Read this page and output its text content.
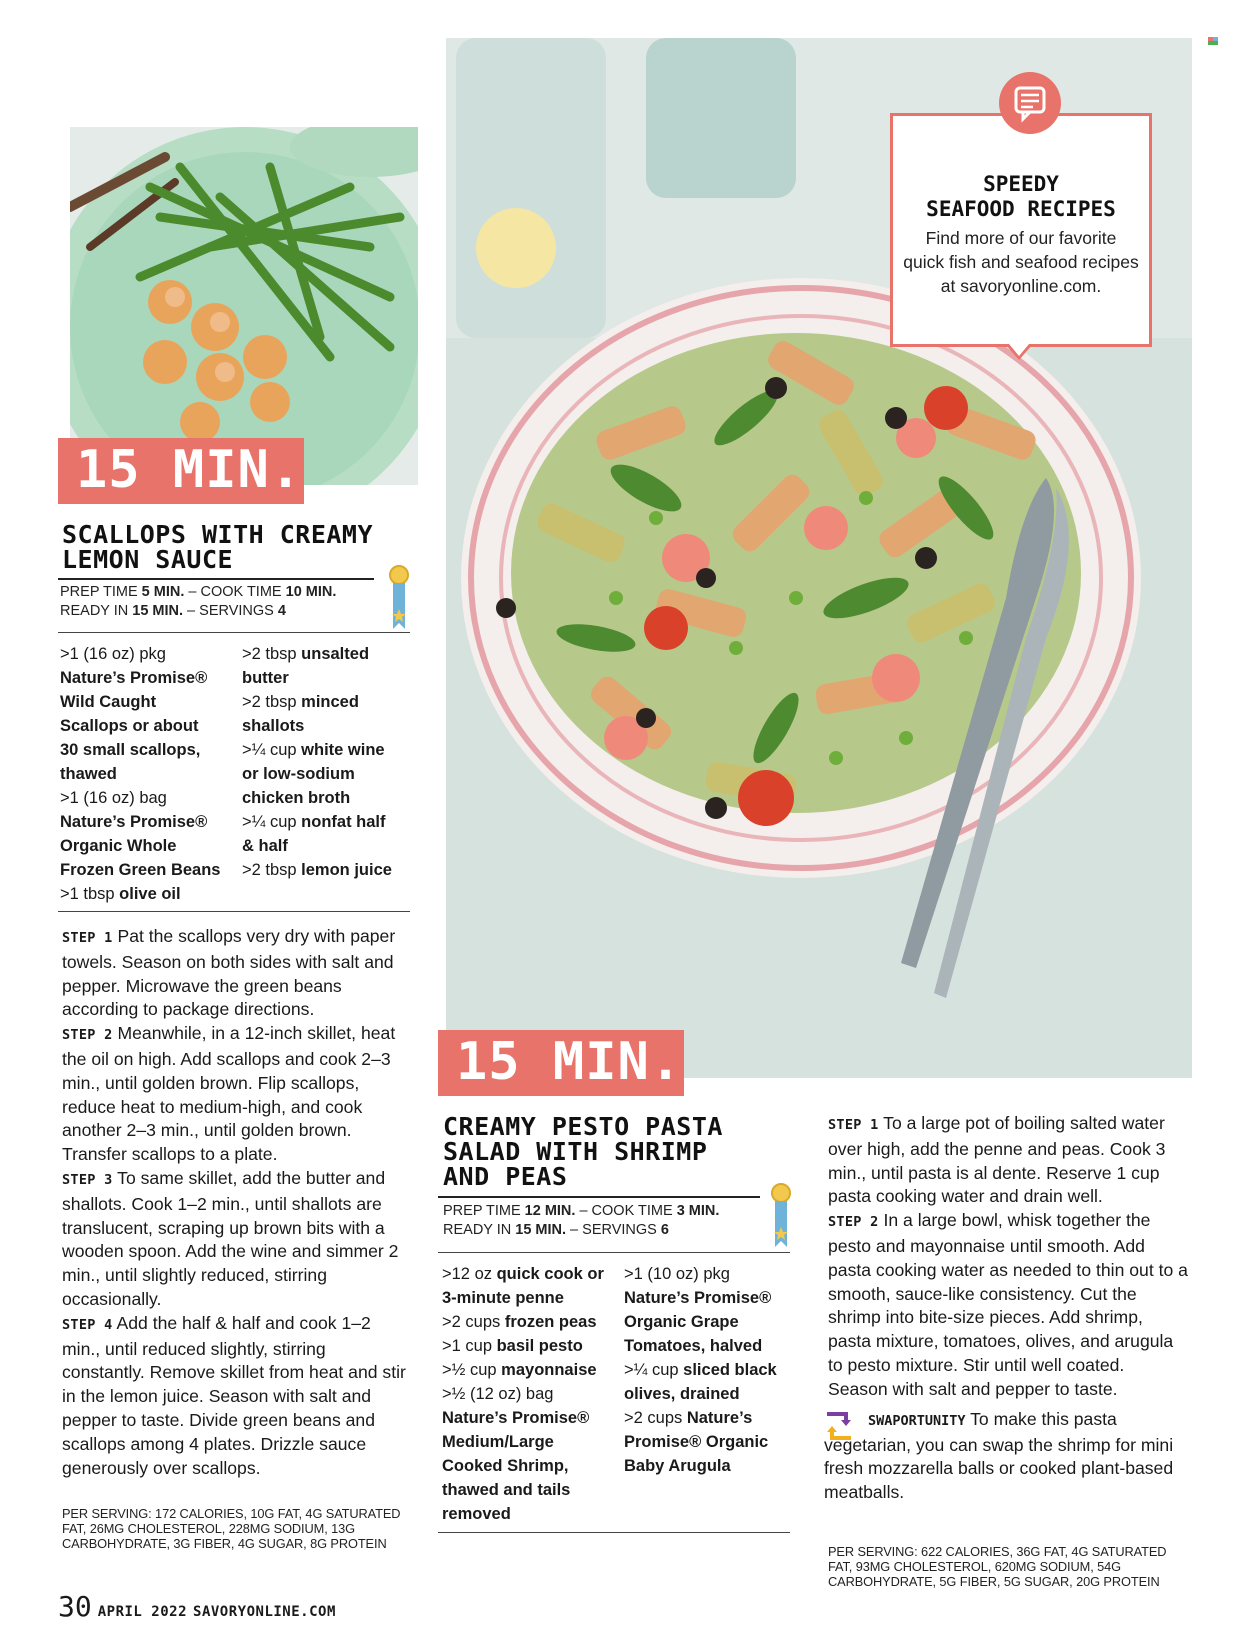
SPEEDY
SEAFOOD RECIPES
Find more of our favorite quick fish and seafood recipes at savoryonline.com.
15 MIN.
SCALLOPS WITH CREAMY
LEMON SAUCE
PREP TIME 5 MIN. – COOK TIME 10 MIN.
READY IN 15 MIN. – SERVINGS 4
>1 (16 oz) pkg
Nature’s Promise®
Wild Caught
Scallops or about
30 small scallops,
thawed
>1 (16 oz) bag
Nature’s Promise®
Organic Whole
Frozen Green Beans
>1 tbsp olive oil
>2 tbsp unsalted
butter
>2 tbsp minced
shallots
>¼ cup white wine
or low-sodium
chicken broth
>¼ cup nonfat half
& half
>2 tbsp lemon juice

STEP 1 Pat the scallops very dry with paper towels. Season on both sides with salt and pepper. Microwave the green beans according to package directions.

STEP 2 Meanwhile, in a 12-inch skillet, heat the oil on high. Add scallops and cook 2–3 min., until golden brown. Flip scallops, reduce heat to medium-high, and cook another 2–3 min., until golden brown. Transfer scallops to a plate.

STEP 3 To same skillet, add the butter and shallots. Cook 1–2 min., until shallots are translucent, scraping up brown bits with a wooden spoon. Add the wine and simmer 2 min., until slightly reduced, stirring occasionally.

STEP 4 Add the half & half and cook 1–2 min., until reduced slightly, stirring constantly. Remove skillet from heat and stir in the lemon juice. Season with salt and pepper to taste. Divide green beans and scallops among 4 plates. Drizzle sauce generously over scallops.

PER SERVING: 172 CALORIES, 10G FAT, 4G SATURATED FAT, 26MG CHOLESTEROL, 228MG SODIUM, 13G CARBOHYDRATE, 3G FIBER, 4G SUGAR, 8G PROTEIN
15 MIN.
CREAMY PESTO PASTA
SALAD WITH SHRIMP
AND PEAS
PREP TIME 12 MIN. – COOK TIME 3 MIN.
READY IN 15 MIN. – SERVINGS 6
>12 oz quick cook or
3-minute penne
>2 cups frozen peas
>1 cup basil pesto
>½ cup mayonnaise
>½ (12 oz) bag
Nature’s Promise®
Medium/Large
Cooked Shrimp,
thawed and tails
removed
>1 (10 oz) pkg
Nature’s Promise®
Organic Grape
Tomatoes, halved
>¼ cup sliced black
olives, drained
>2 cups Nature’s
Promise® Organic
Baby Arugula

STEP 1 To a large pot of boiling salted water over high, add the penne and peas. Cook 3 min., until pasta is al dente. Reserve 1 cup pasta cooking water and drain well.

STEP 2 In a large bowl, whisk together the pesto and mayonnaise until smooth. Add pasta cooking water as needed to thin out to a smooth, sauce-like consistency. Cut the shrimp into bite-size pieces. Add shrimp, pasta mixture, tomatoes, olives, and arugula to pesto mixture. Stir until well coated. Season with salt and pepper to taste.

SWAPORTUNITY To make this pasta vegetarian, you can swap the shrimp for mini fresh mozzarella balls or cooked plant-based meatballs.
PER SERVING: 622 CALORIES, 36G FAT, 4G SATURATED FAT, 93MG CHOLESTEROL, 620MG SODIUM, 54G CARBOHYDRATE, 5G FIBER, 5G SUGAR, 20G PROTEIN
30 APRIL 2022 SAVORYONLINE.COM
